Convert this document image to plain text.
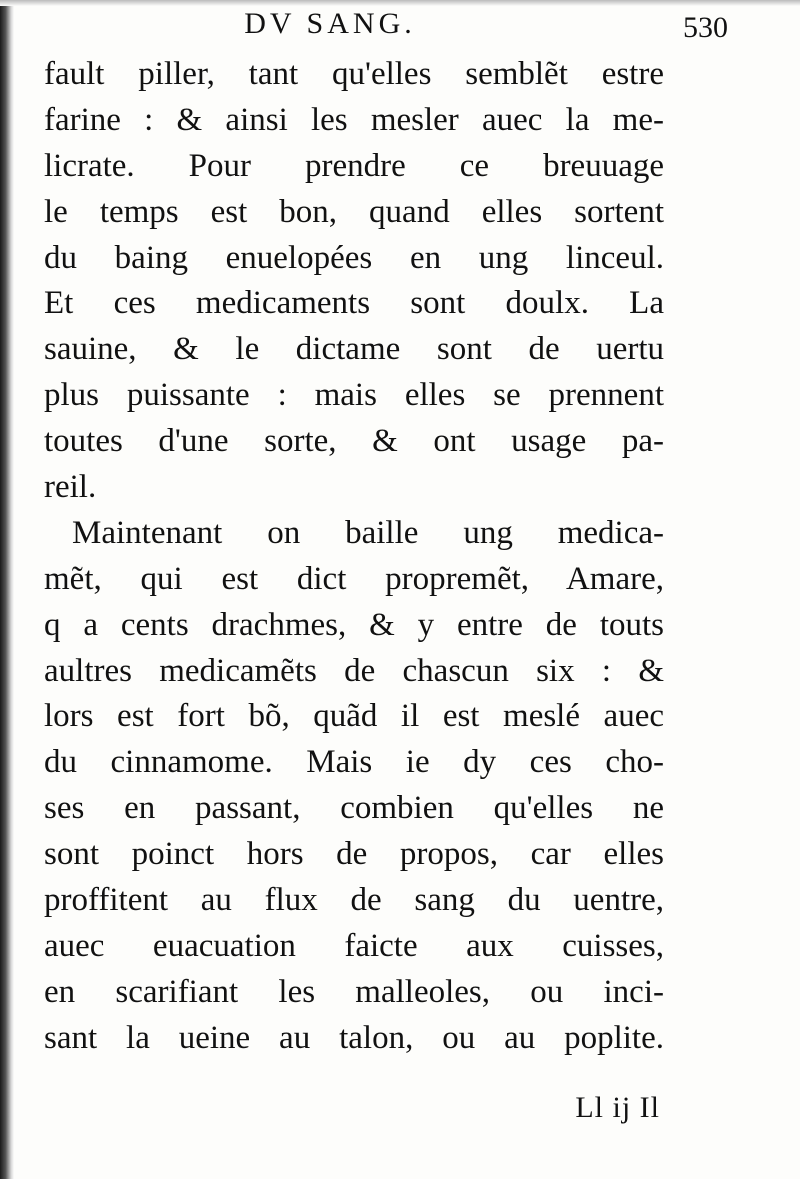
DV SANG.	530
fault piller, tant qu'elles semblẽt estre
farine : & ainsi les mesler auec la me-
licrate. Pour prendre ce breuuage
le temps est bon, quand elles sortent
du baing enuelopées en ung linceul.
Et ces medicaments sont doulx. La
sauine, & le dictame sont de uertu
plus puissante : mais elles se prennent
toutes d'une sorte, & ont usage pa-
reil.
Maintenant on baille ung medica-
mẽt, qui est dict propremẽt, Amare,
q a cents drachmes, & y entre de touts
aultres medicamẽts de chascun six : &
lors est fort bõ, quãd il est meslé auec
du cinnamome. Mais ie dy ces cho-
ses en passant, combien qu'elles ne
sont poinct hors de propos, car elles
proffitent au flux de sang du uentre,
auec euacuation faicte aux cuisses,
en scarifiant les malleoles, ou inci-
sant la ueine au talon, ou au poplite.
Ll ij Il
